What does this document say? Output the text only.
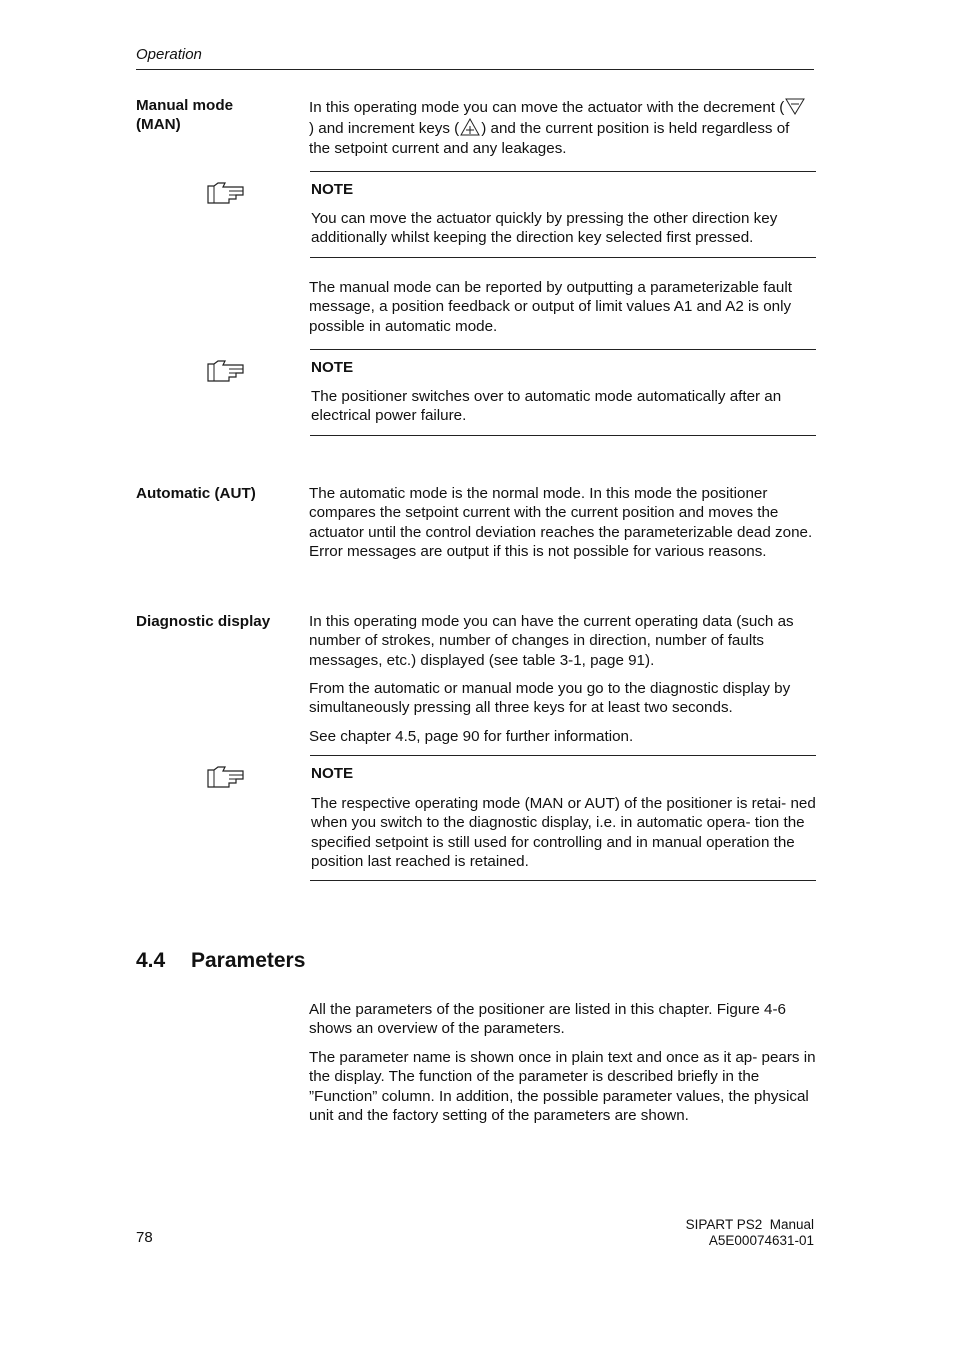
Operation
Manual mode
(MAN)
In this operating mode you can move the actuator with the decrement () and increment keys ( ) and the current position is held regardless of the setpoint current and any leakages.
NOTE
You can move the actuator quickly by pressing the other direction key additionally whilst keeping the direction key selected first pressed.
The manual mode can be reported by outputting a parameterizable fault message, a position feedback or output of limit values A1 and A2 is only possible in automatic mode.
NOTE
The positioner switches over to automatic mode automatically after an electrical power failure.
Automatic (AUT)	The automatic mode is the normal mode. In this mode the positioner compares the setpoint current with the current position and moves the actuator until the control deviation reaches the parameterizable dead zone. Error messages are output if this is not possible for various reasons.
Diagnostic display	In this operating mode you can have the current operating data (such as number of strokes, number of changes in direction, number of faults messages, etc.) displayed (see table 3-1, page 91).
From the automatic or manual mode you go to the diagnostic display by simultaneously pressing all three keys for at least two seconds.
See chapter 4.5, page 90 for further information.
NOTE
The respective operating mode (MAN or AUT) of the positioner is retai- ned when you switch to the diagnostic display, i.e. in automatic opera- tion the specified setpoint is still used for controlling and in manual operation the position last reached is retained.
4.4 Parameters
All the parameters of the positioner are listed in this chapter. Figure 4-6 shows an overview of the parameters.
The parameter name is shown once in plain text and once as it ap- pears in the display. The function of the parameter is described briefly in the ”Function” column. In addition, the possible parameter values, the physical unit and the factory setting of the parameters are shown.
78
SIPART PS2  Manual
A5E00074631-01
